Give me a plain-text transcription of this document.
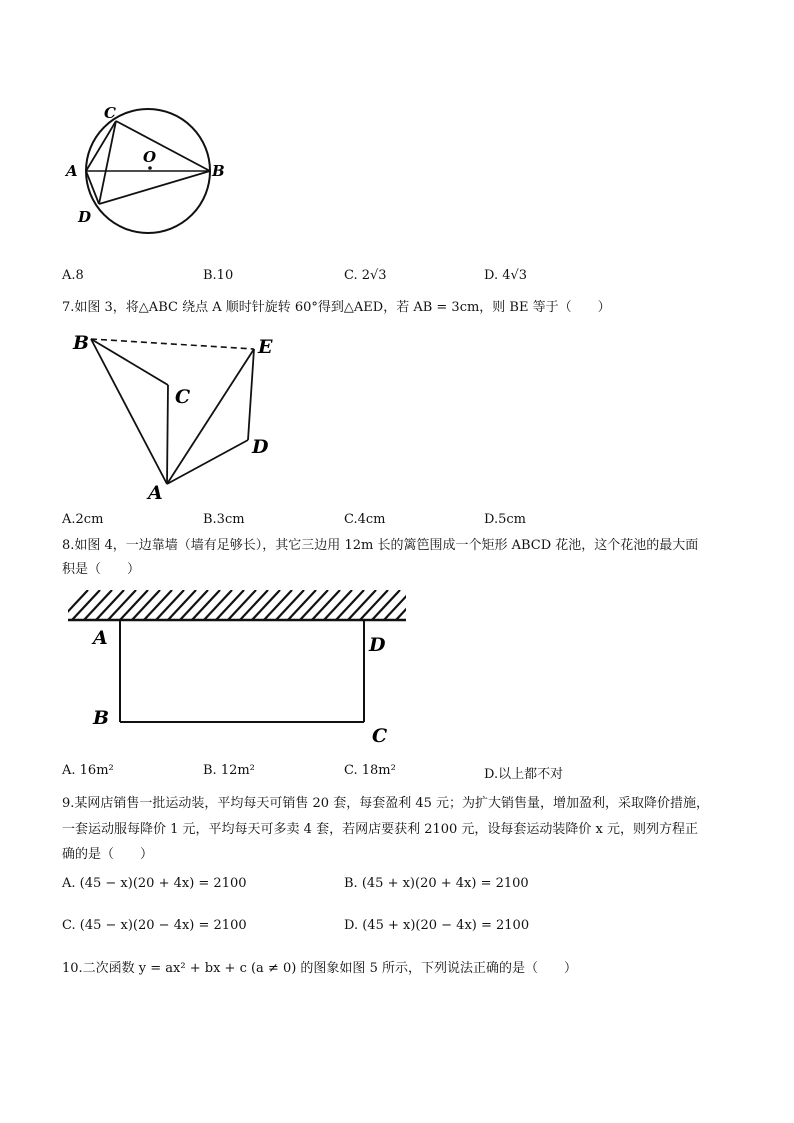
C
O
A	B
D
A.8	B.10	C. 2√3	D. 4√3
7.如图 3，将△ABC 绕点 A 顺时针旋转 60°得到△AED，若 AB = 3cm，则 BE 等于（　　）
B	E
C
D
A
A.2cm	B.3cm	C.4cm	D.5cm
8.如图 4，一边靠墙（墙有足够长），其它三边用 12m 长的篱笆围成一个矩形 ABCD 花池，这个花池的最大面
积是（　　）
A	D
B
C
A. 16m²	B. 12m²	C. 18m²	D.以上都不对
9.某网店销售一批运动装，平均每天可销售 20 套，每套盈利 45 元；为扩大销售量，增加盈利，采取降价措施，
一套运动服每降价 1 元，平均每天可多卖 4 套，若网店要获利 2100 元，设每套运动装降价 x 元，则列方程正
确的是（　　）
A. (45 − x)(20 + 4x) = 2100	B. (45 + x)(20 + 4x) = 2100
C. (45 − x)(20 − 4x) = 2100	D. (45 + x)(20 − 4x) = 2100
10.二次函数 y = ax² + bx + c (a ≠ 0) 的图象如图 5 所示，下列说法正确的是（　　）
